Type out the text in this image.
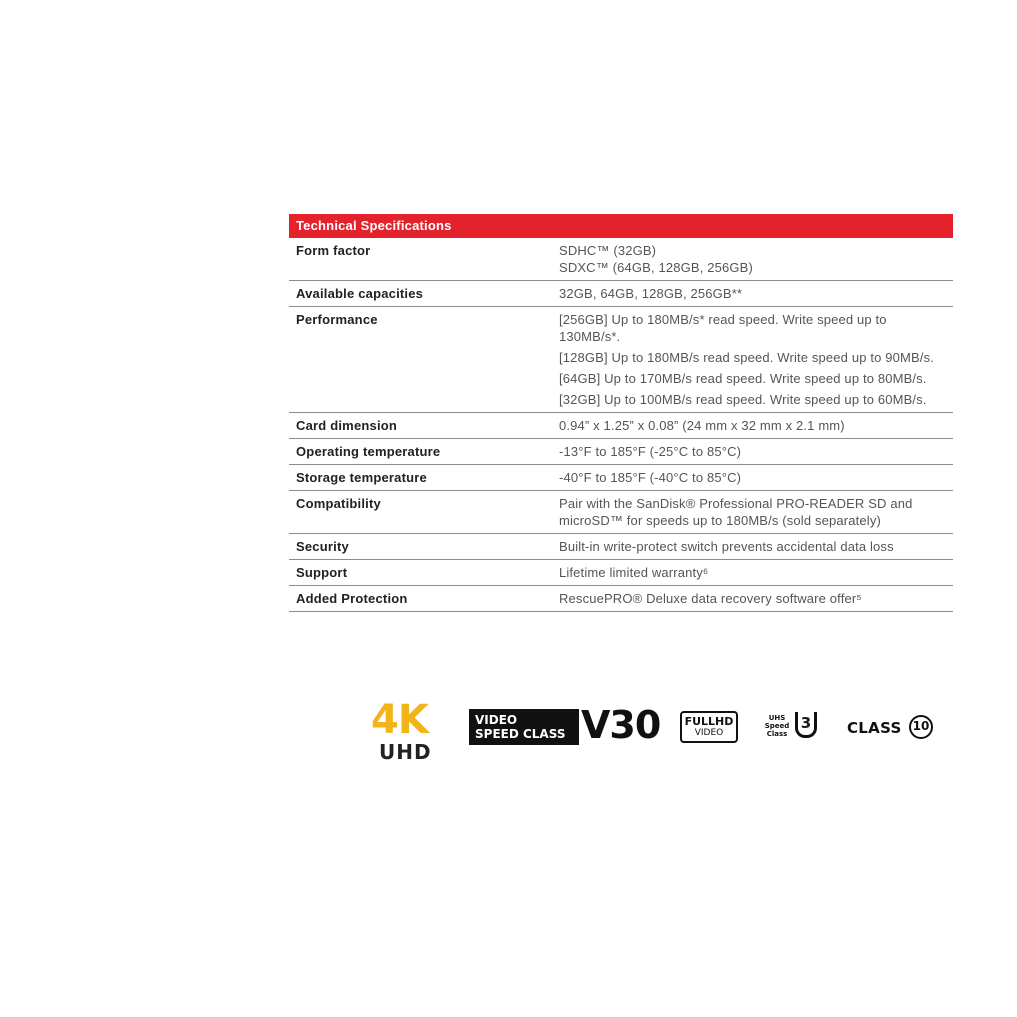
Technical Specifications
Form factor	SDHC™ (32GB)
SDXC™ (64GB, 128GB, 256GB)
Available capacities	32GB, 64GB, 128GB, 256GB**
Performance	[256GB] Up to 180MB/s* read speed. Write speed up to 130MB/s*.
[128GB] Up to 180MB/s read speed. Write speed up to 90MB/s.
[64GB] Up to 170MB/s read speed. Write speed up to 80MB/s.
[32GB] Up to 100MB/s read speed. Write speed up to 60MB/s.
Card dimension	0.94” x 1.25” x 0.08” (24 mm x 32 mm x 2.1 mm)
Operating temperature	-13°F to 185°F (-25°C to 85°C)
Storage temperature	-40°F to 185°F (-40°C to 85°C)
Compatibility	Pair with the SanDisk® Professional PRO-READER SD and microSD™ for speeds up to 180MB/s (sold separately)
Security	Built-in write-protect switch prevents accidental data loss
Support	Lifetime limited warranty⁶
Added Protection	RescuePRO® Deluxe data recovery software offer⁵
4K
UHD
VIDEO
SPEED CLASS V30 FULLHD
VIDEO
UHS
Speed
Class
3	CLASS 10
